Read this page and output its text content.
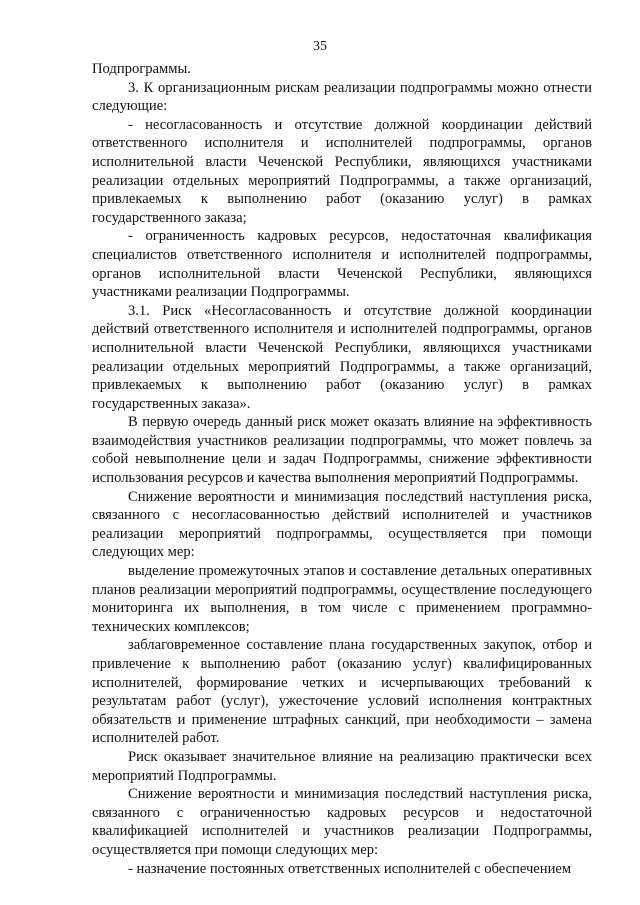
35

Подпрограммы.

3. К организационным рискам реализации подпрограммы можно отнести следующие:

- несогласованность и отсутствие должной координации действий ответственного исполнителя и исполнителей подпрограммы, органов исполнительной власти Чеченской Республики, являющихся участниками реализации отдельных мероприятий Подпрограммы, а также организаций, привлекаемых к выполнению работ (оказанию услуг) в рамках государственного заказа;

- ограниченность кадровых ресурсов, недостаточная квалификация специалистов ответственного исполнителя и исполнителей подпрограммы, органов исполнительной власти Чеченской Республики, являющихся участниками реализации Подпрограммы.

3.1. Риск «Несогласованность и отсутствие должной координации действий ответственного исполнителя и исполнителей подпрограммы, органов исполнительной власти Чеченской Республики, являющихся участниками реализации отдельных мероприятий Подпрограммы, а также организаций, привлекаемых к выполнению работ (оказанию услуг) в рамках государственных заказа».

В первую очередь данный риск может оказать влияние на эффективность взаимодействия участников реализации подпрограммы, что может повлечь за собой невыполнение цели и задач Подпрограммы, снижение эффективности использования ресурсов и качества выполнения мероприятий Подпрограммы.

Снижение вероятности и минимизация последствий наступления риска, связанного с несогласованностью действий исполнителей и участников реализации мероприятий подпрограммы, осуществляется при помощи следующих мер:

выделение промежуточных этапов и составление детальных оперативных планов реализации мероприятий подпрограммы, осуществление последующего мониторинга их выполнения, в том числе с применением программно-технических комплексов;

заблаговременное составление плана государственных закупок, отбор и привлечение к выполнению работ (оказанию услуг) квалифицированных исполнителей, формирование четких и исчерпывающих требований к результатам работ (услуг), ужесточение условий исполнения контрактных обязательств и применение штрафных санкций, при необходимости – замена исполнителей работ.

Риск оказывает значительное влияние на реализацию практически всех мероприятий Подпрограммы.

Снижение вероятности и минимизация последствий наступления риска, связанного с ограниченностью кадровых ресурсов и недостаточной квалификацией исполнителей и участников реализации Подпрограммы, осуществляется при помощи следующих мер:

- назначение постоянных ответственных исполнителей с обеспечением
